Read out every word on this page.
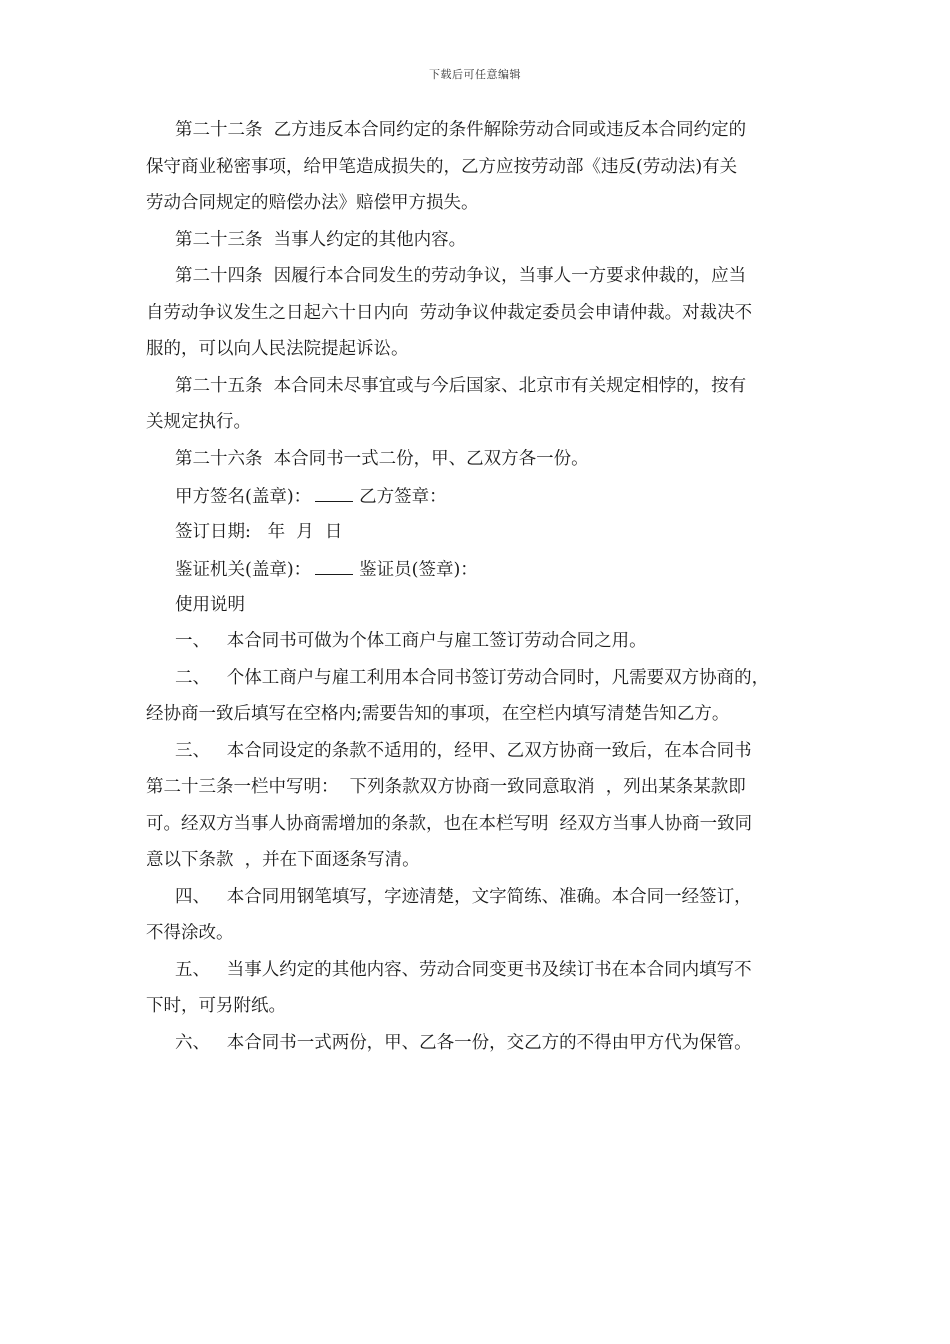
下载后可任意编辑
第二十二条  乙方违反本合同约定的条件解除劳动合同或违反本合同约定的
保守商业秘密事项，给甲笔造成损失的，乙方应按劳动部《违反(劳动法)有关
劳动合同规定的赔偿办法》赔偿甲方损失。
第二十三条  当事人约定的其他内容。
第二十四条  因履行本合同发生的劳动争议，当事人一方要求仲裁的，应当
自劳动争议发生之日起六十日内向  劳动争议仲裁定委员会申请仲裁。对裁决不
服的，可以向人民法院提起诉讼。
第二十五条  本合同未尽事宜或与今后国家、北京市有关规定相悖的，按有
关规定执行。
第二十六条  本合同书一式二份，甲、乙双方各一份。
甲方签名(盖章)：	乙方签章：
签订日期:   年  月  日
鉴证机关(盖章)：	鉴证员(签章)：
使用说明
一、   本合同书可做为个体工商户与雇工签订劳动合同之用。
二、   个体工商户与雇工利用本合同书签订劳动合同时，凡需要双方协商的，
经协商一致后填写在空格内;需要告知的事项，在空栏内填写清楚告知乙方。
三、   本合同设定的条款不适用的，经甲、乙双方协商一致后，在本合同书
第二十三条一栏中写明：  下列条款双方协商一致同意取消  ，列出某条某款即
可。经双方当事人协商需增加的条款，也在本栏写明  经双方当事人协商一致同
意以下条款  ，并在下面逐条写清。
四、   本合同用钢笔填写，字迹清楚，文字简练、准确。本合同一经签订，
不得涂改。
五、   当事人约定的其他内容、劳动合同变更书及续订书在本合同内填写不
下时，可另附纸。
六、   本合同书一式两份，甲、乙各一份，交乙方的不得由甲方代为保管。
